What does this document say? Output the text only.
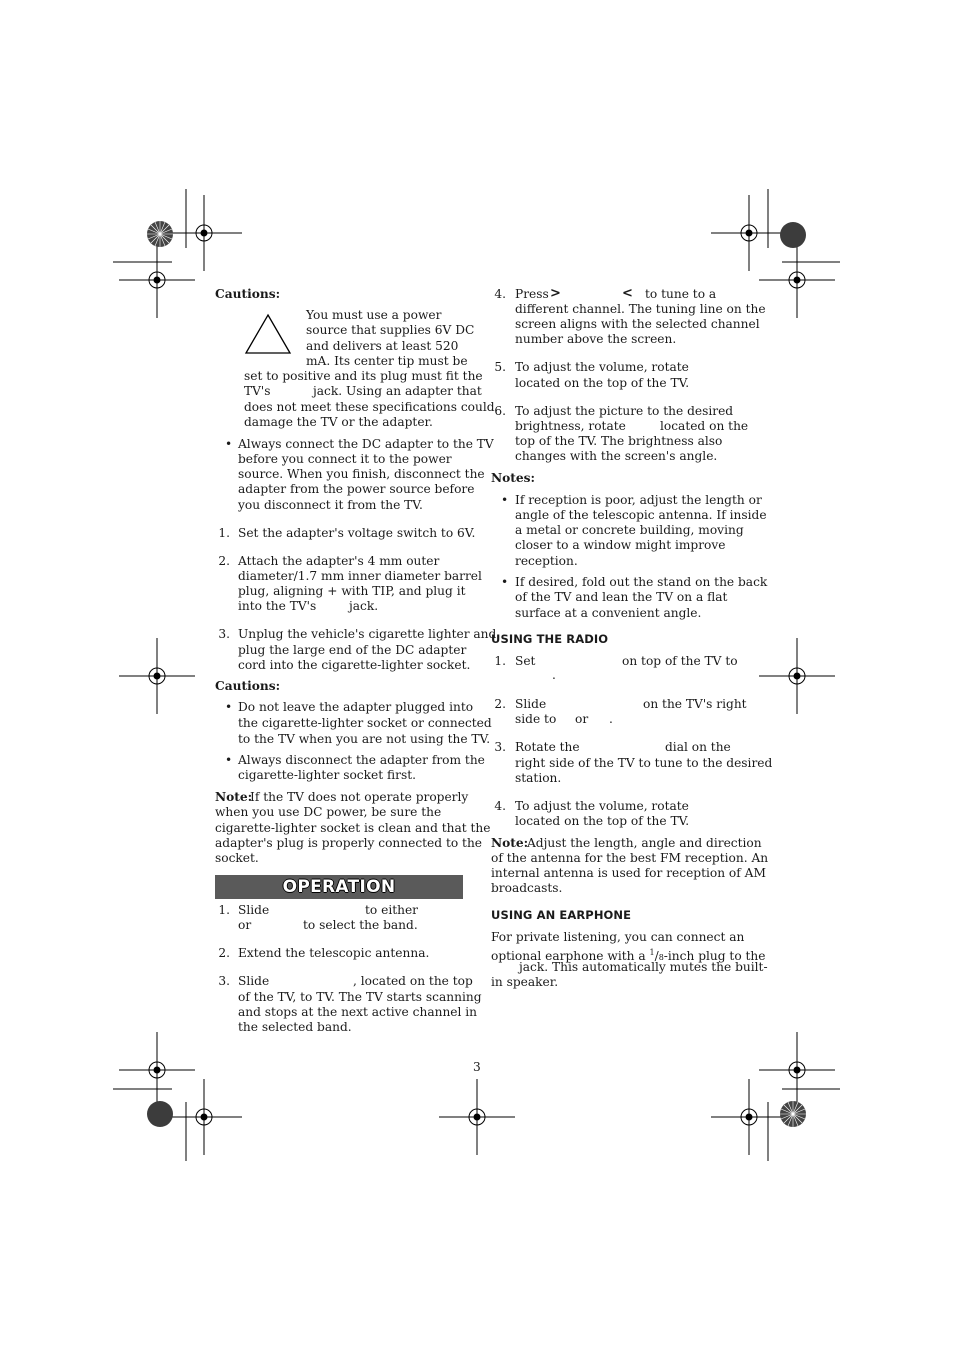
Cautions:
You must use a power
source that supplies 6V DC
and delivers at least 520
mA. Its center tip must be
set to positive and its plug must fit the
TV's	jack. Using an adapter that
does not meet these specifications could
damage the TV or the adapter.
• Always connect the DC adapter to the TV
before you connect it to the power
source. When you finish, disconnect the
adapter from the power source before
you disconnect it from the TV.
1. Set the adapter's voltage switch to 6V.
2. Attach the adapter's 4 mm outer
diameter/1.7 mm inner diameter barrel
plug, aligning + with TIP, and plug it
into the TV's	jack.
3. Unplug the vehicle's cigarette lighter and
plug the large end of the DC adapter
cord into the cigarette-lighter socket.
Cautions:
• Do not leave the adapter plugged into
the cigarette-lighter socket or connected
to the TV when you are not using the TV.
• Always disconnect the adapter from the
cigarette-lighter socket first.
Note:
If the TV does not operate properly
when you use DC power, be sure the
cigarette-lighter socket is clean and that the
adapter's plug is properly connected to the
socket.
OPERATION
1. Slide	to either
or	to select the band.
2. Extend the telescopic antenna.
3. Slide	, located on the top
of the TV, to TV. The TV starts scanning
and stops at the next active channel in
the selected band.
4. Press >	< to tune to a
different channel. The tuning line on the
screen aligns with the selected channel
number above the screen.
5. To adjust the volume, rotate
located on the top of the TV.
6. To adjust the picture to the desired
brightness, rotate	located on the
top of the TV. The brightness also
changes with the screen's angle.
Notes:
• If reception is poor, adjust the length or
angle of the telescopic antenna. If inside
a metal or concrete building, moving
closer to a window might improve
reception.
• If desired, fold out the stand on the back
of the TV and lean the TV on a flat
surface at a convenient angle.
USING THE RADIO
1. Set	on top of the TV to
.
2. Slide	on the TV's right
side to or .
3. Rotate the	dial on the
right side of the TV to tune to the desired
station.
4. To adjust the volume, rotate
located on the top of the TV.
Note:
Adjust the length, angle and direction
of the antenna for the best FM reception. An
internal antenna is used for reception of AM
broadcasts.
USING AN EARPHONE
For private listening, you can connect an
optional earphone with a $^1$/8-inch plug to the
jack. This automatically mutes the built-
in speaker.
3
